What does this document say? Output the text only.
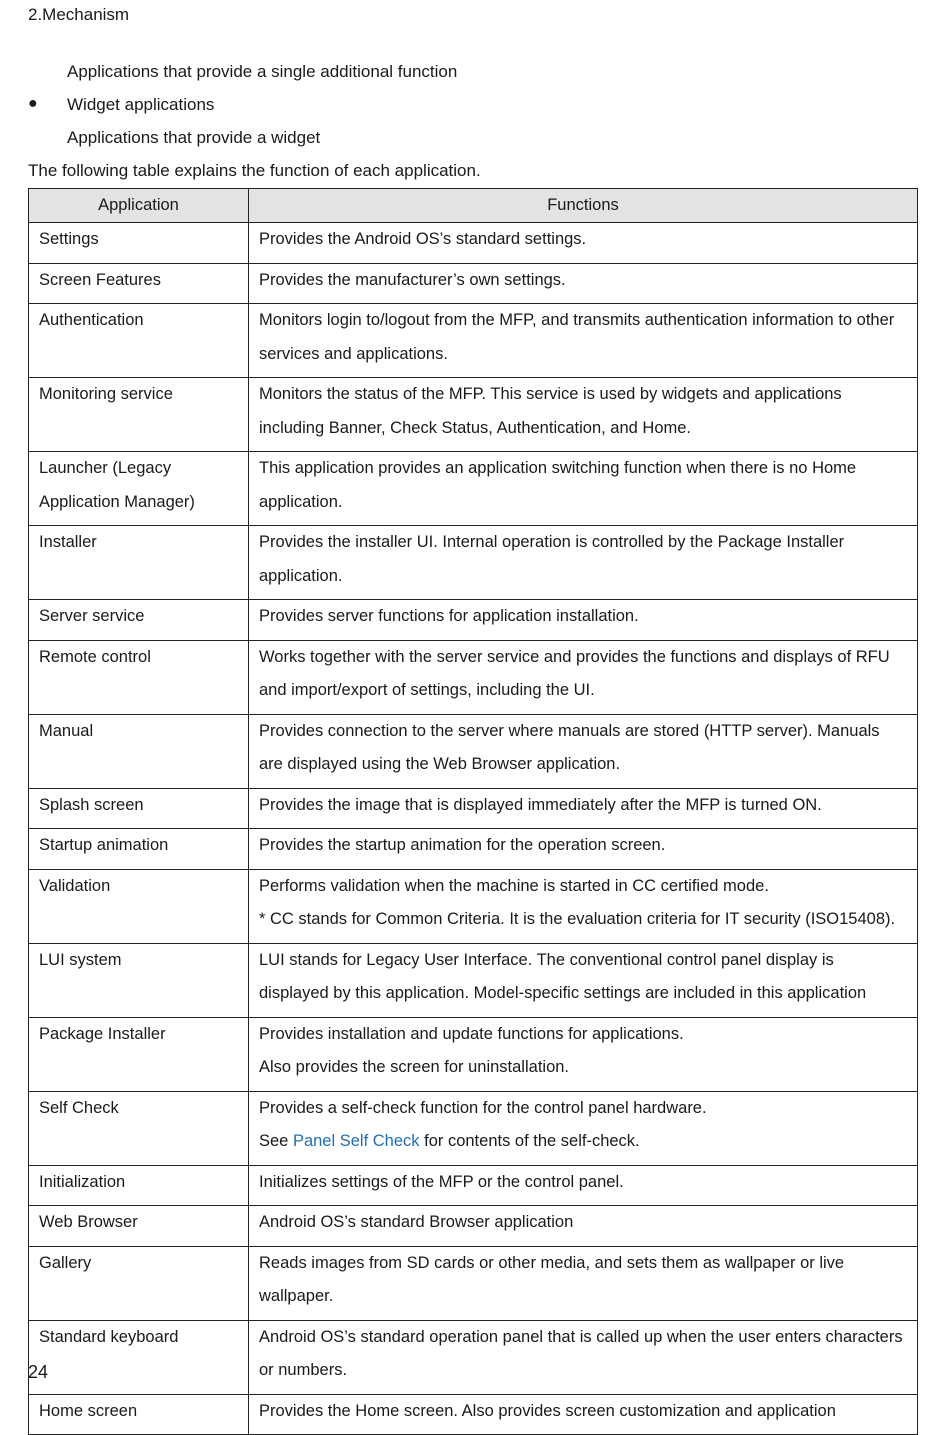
2.Mechanism
Applications that provide a single additional function
● Widget applications
Applications that provide a widget
The following table explains the function of each application.
Application	Functions

Settings	Provides the Android OS’s standard settings.

Screen Features	Provides the manufacturer’s own settings.

Authentication	Monitors login to/logout from the MFP, and transmits authentication information to other services and applications.

Monitoring service	Monitors the status of the MFP. This service is used by widgets and applications including Banner, Check Status, Authentication, and Home.

Launcher (Legacy Application Manager)	This application provides an application switching function when there is no Home application.

Installer	Provides the installer UI. Internal operation is controlled by the Package Installer application.

Server service	Provides server functions for application installation.

Remote control	Works together with the server service and provides the functions and displays of RFU and import/export of settings, including the UI.

Manual	Provides connection to the server where manuals are stored (HTTP server). Manuals are displayed using the Web Browser application.

Splash screen	Provides the image that is displayed immediately after the MFP is turned ON.

Startup animation	Provides the startup animation for the operation screen.

Validation	Performs validation when the machine is started in CC certified mode.
* CC stands for Common Criteria. It is the evaluation criteria for IT security (ISO15408).

LUI system	LUI stands for Legacy User Interface. The conventional control panel display is displayed by this application. Model-specific settings are included in this application

Package Installer	Provides installation and update functions for applications.
Also provides the screen for uninstallation.

Self Check	Provides a self-check function for the control panel hardware.
See Panel Self Check for contents of the self-check.

Initialization	Initializes settings of the MFP or the control panel.

Web Browser	Android OS’s standard Browser application

Gallery	Reads images from SD cards or other media, and sets them as wallpaper or live wallpaper.

Standard keyboard	Android OS’s standard operation panel that is called up when the user enters characters or numbers.

Home screen	Provides the Home screen. Also provides screen customization and application
24
